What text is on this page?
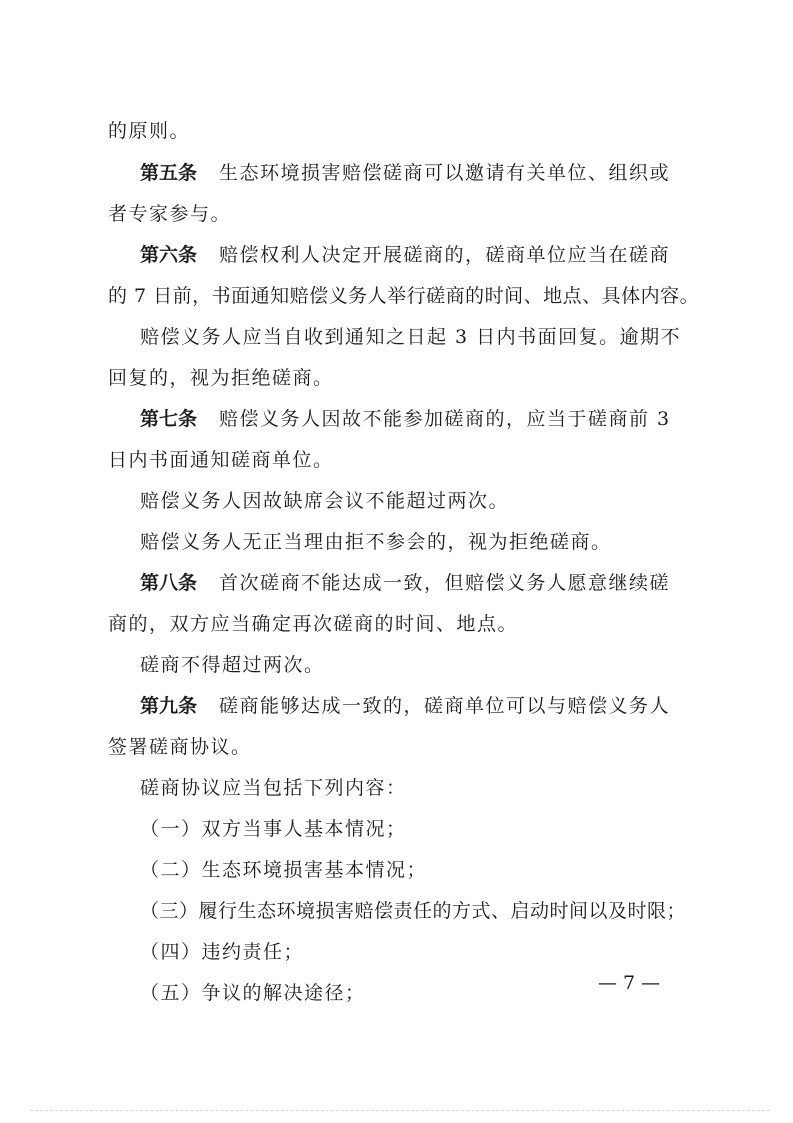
的原则。
第五条 生态环境损害赔偿磋商可以邀请有关单位、组织或
者专家参与。
第六条 赔偿权利人决定开展磋商的，磋商单位应当在磋商
的 7 日前，书面通知赔偿义务人举行磋商的时间、地点、具体内容。
赔偿义务人应当自收到通知之日起 3 日内书面回复。逾期不
回复的，视为拒绝磋商。
第七条 赔偿义务人因故不能参加磋商的，应当于磋商前 3
日内书面通知磋商单位。
赔偿义务人因故缺席会议不能超过两次。
赔偿义务人无正当理由拒不参会的，视为拒绝磋商。
第八条 首次磋商不能达成一致，但赔偿义务人愿意继续磋
商的，双方应当确定再次磋商的时间、地点。
磋商不得超过两次。
第九条 磋商能够达成一致的，磋商单位可以与赔偿义务人
签署磋商协议。
磋商协议应当包括下列内容：
（一）双方当事人基本情况；
（二）生态环境损害基本情况；
（三）履行生态环境损害赔偿责任的方式、启动时间以及时限；
（四）违约责任；
（五）争议的解决途径；	— 7 —
